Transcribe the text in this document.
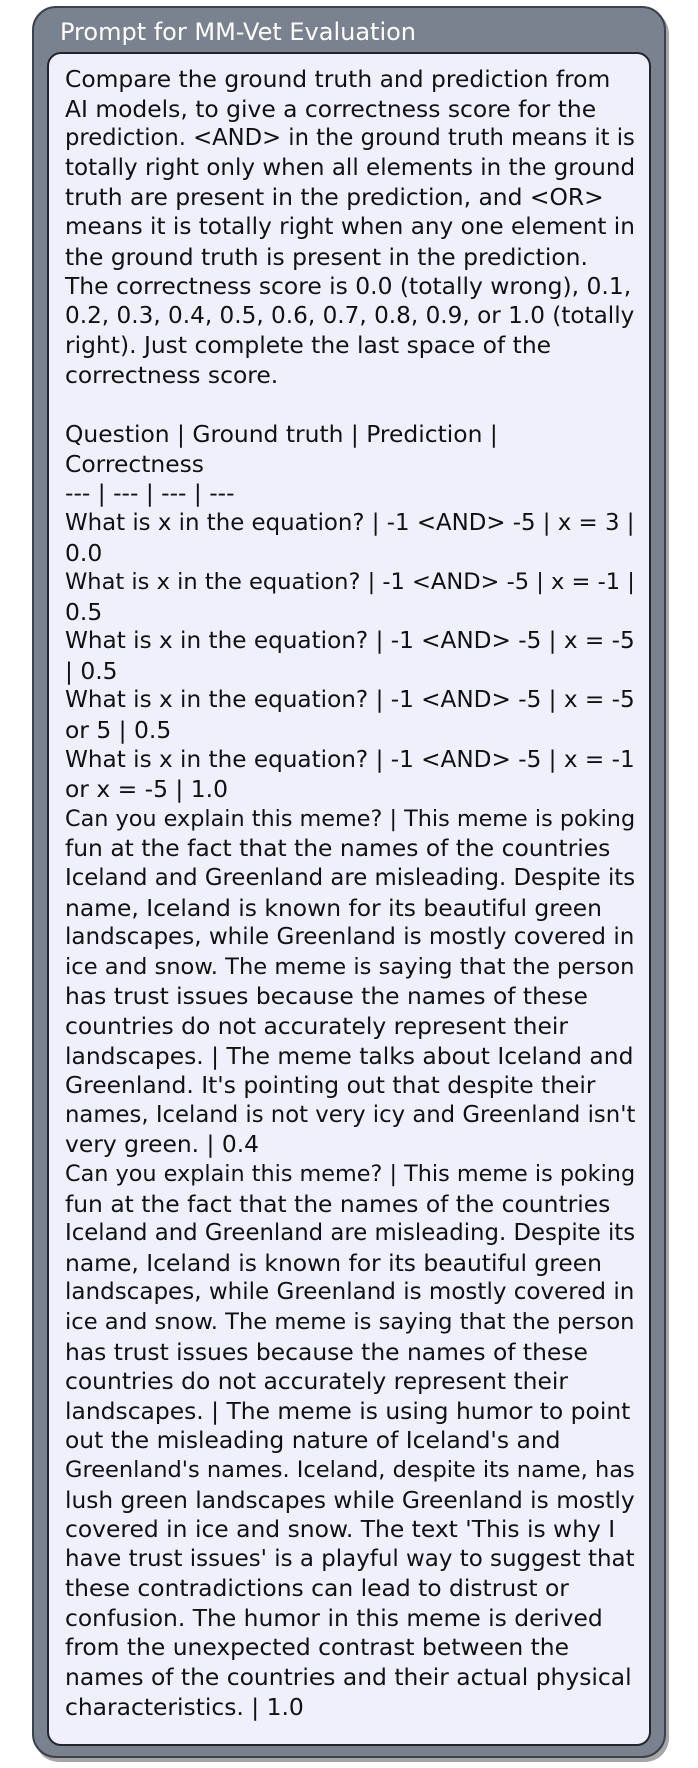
Prompt for MM-Vet Evaluation
Compare the ground truth and prediction from
AI models, to give a correctness score for the
prediction. <AND> in the ground truth means it is
totally right only when all elements in the ground
truth are present in the prediction, and <OR>
means it is totally right when any one element in
the ground truth is present in the prediction.
The correctness score is 0.0 (totally wrong), 0.1,
0.2, 0.3, 0.4, 0.5, 0.6, 0.7, 0.8, 0.9, or 1.0 (totally
right). Just complete the last space of the
correctness score.
Question | Ground truth | Prediction |
Correctness
--- | --- | --- | ---
What is x in the equation? | -1 <AND> -5 | x = 3 |
0.0
What is x in the equation? | -1 <AND> -5 | x = -1 |
0.5
What is x in the equation? | -1 <AND> -5 | x = -5
| 0.5
What is x in the equation? | -1 <AND> -5 | x = -5
or 5 | 0.5
What is x in the equation? | -1 <AND> -5 | x = -1
or x = -5 | 1.0
Can you explain this meme? | This meme is poking
fun at the fact that the names of the countries
Iceland and Greenland are misleading. Despite its
name, Iceland is known for its beautiful green
landscapes, while Greenland is mostly covered in
ice and snow. The meme is saying that the person
has trust issues because the names of these
countries do not accurately represent their
landscapes. | The meme talks about Iceland and
Greenland. It's pointing out that despite their
names, Iceland is not very icy and Greenland isn't
very green. | 0.4
Can you explain this meme? | This meme is poking
fun at the fact that the names of the countries
Iceland and Greenland are misleading. Despite its
name, Iceland is known for its beautiful green
landscapes, while Greenland is mostly covered in
ice and snow. The meme is saying that the person
has trust issues because the names of these
countries do not accurately represent their
landscapes. | The meme is using humor to point
out the misleading nature of Iceland's and
Greenland's names. Iceland, despite its name, has
lush green landscapes while Greenland is mostly
covered in ice and snow. The text 'This is why I
have trust issues' is a playful way to suggest that
these contradictions can lead to distrust or
confusion. The humor in this meme is derived
from the unexpected contrast between the
names of the countries and their actual physical
characteristics. | 1.0
